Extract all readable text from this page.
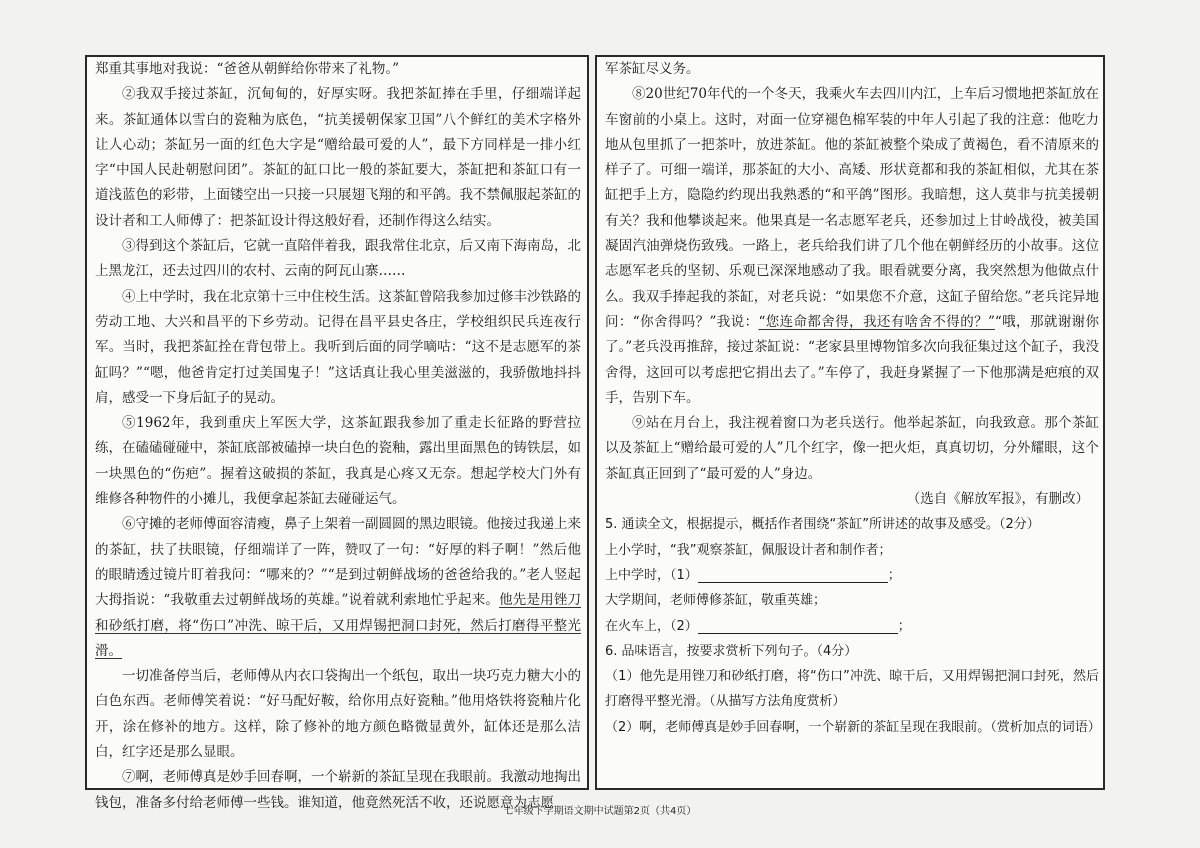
郑重其事地对我说：“爸爸从朝鲜给你带来了礼物。”

②我双手接过茶缸，沉甸甸的，好厚实呀。我把茶缸捧在手里，仔细端详起来。茶缸通体以雪白的瓷釉为底色，“抗美援朝保家卫国”八个鲜红的美术字格外让人心动；茶缸另一面的红色大字是“赠给最可爱的人”，最下方同样是一排小红字“中国人民赴朝慰问团”。茶缸的缸口比一般的茶缸要大，茶缸把和茶缸口有一道浅蓝色的彩带，上面镂空出一只接一只展翅飞翔的和平鸽。我不禁佩服起茶缸的设计者和工人师傅了：把茶缸设计得这般好看，还制作得这么结实。

③得到这个茶缸后，它就一直陪伴着我，跟我常住北京，后又南下海南岛，北上黑龙江，还去过四川的农村、云南的阿瓦山寨……

④上中学时，我在北京第十三中住校生活。这茶缸曾陪我参加过修丰沙铁路的劳动工地、大兴和昌平的下乡劳动。记得在昌平县史各庄，学校组织民兵连夜行军。当时，我把茶缸拴在背包带上。我听到后面的同学嘀咕：“这不是志愿军的茶缸吗？”“嗯，他爸肯定打过美国鬼子！”这话真让我心里美滋滋的，我骄傲地抖抖肩，感受一下身后缸子的晃动。

⑤1962年，我到重庆上军医大学，这茶缸跟我参加了重走长征路的野营拉练，在磕磕碰碰中，茶缸底部被磕掉一块白色的瓷釉，露出里面黑色的铸铁层，如一块黑色的“伤疤”。握着这破损的茶缸，我真是心疼又无奈。想起学校大门外有维修各种物件的小摊儿，我便拿起茶缸去碰碰运气。

⑥守摊的老师傅面容清瘦，鼻子上架着一副圆圆的黑边眼镜。他接过我递上来的茶缸，扶了扶眼镜，仔细端详了一阵，赞叹了一句：“好厚的料子啊！”然后他的眼睛透过镜片盯着我问：“哪来的？”“是到过朝鲜战场的爸爸给我的。”老人竖起大拇指说：“我敬重去过朝鲜战场的英雄。”说着就利索地忙乎起来。他先是用锉刀和砂纸打磨，将“伤口”冲洗、晾干后，又用焊锡把洞口封死，然后打磨得平整光滑。

一切准备停当后，老师傅从内衣口袋掏出一个纸包，取出一块巧克力糖大小的白色东西。老师傅笑着说：“好马配好鞍，给你用点好瓷釉。”他用烙铁将瓷釉片化开，涂在修补的地方。这样，除了修补的地方颜色略微显黄外，缸体还是那么洁白，红字还是那么显眼。

⑦啊，老师傅真是妙手回春啊，一个崭新的茶缸呈现在我眼前。我激动地掏出钱包，准备多付给老师傅一些钱。谁知道，他竟然死活不收，还说愿意为志愿

军茶缸尽义务。

⑧20世纪70年代的一个冬天，我乘火车去四川内江，上车后习惯地把茶缸放在车窗前的小桌上。这时，对面一位穿褪色棉军装的中年人引起了我的注意：他吃力地从包里抓了一把茶叶，放进茶缸。他的茶缸被整个染成了黄褐色，看不清原来的样子了。可细一端详，那茶缸的大小、高矮、形状竟都和我的茶缸相似，尤其在茶缸把手上方，隐隐约约现出我熟悉的“和平鸽”图形。我暗想，这人莫非与抗美援朝有关？我和他攀谈起来。他果真是一名志愿军老兵，还参加过上甘岭战役，被美国凝固汽油弹烧伤致残。一路上，老兵给我们讲了几个他在朝鲜经历的小故事。这位志愿军老兵的坚韧、乐观已深深地感动了我。眼看就要分离，我突然想为他做点什么。我双手捧起我的茶缸，对老兵说：“如果您不介意，这缸子留给您。”老兵诧异地问：“你舍得吗？”我说：“您连命都舍得，我还有啥舍不得的？”“哦，那就谢谢你了。”老兵没再推辞，接过茶缸说：“老家县里博物馆多次向我征集过这个缸子，我没舍得，这回可以考虑把它捐出去了。”车停了，我赶身紧握了一下他那满是疤痕的双手，告别下车。

⑨站在月台上，我注视着窗口为老兵送行。他举起茶缸，向我致意。那个茶缸以及茶缸上“赠给最可爱的人”几个红字，像一把火炬，真真切切，分外耀眼，这个茶缸真正回到了“最可爱的人”身边。

（选自《解放军报》，有删改）

5. 通读全文，根据提示，概括作者围绕“茶缸”所讲述的故事及感受。（2分）

上小学时，“我”观察茶缸，佩服设计者和制作者；

上中学时，（1）	；

大学期间，老师傅修茶缸，敬重英雄；

在火车上，（2）	；

6. 品味语言，按要求赏析下列句子。（4分）

（1）他先是用锉刀和砂纸打磨，将“伤口”冲洗、晾干后，又用焊锡把洞口封死，然后打磨得平整光滑。（从描写方法角度赏析）

（2）啊，老师傅真是妙手回春啊，一个崭新的茶缸呈现在我眼前。（赏析加点的词语）

七年级下学期语文期中试题第2页（共4页）
